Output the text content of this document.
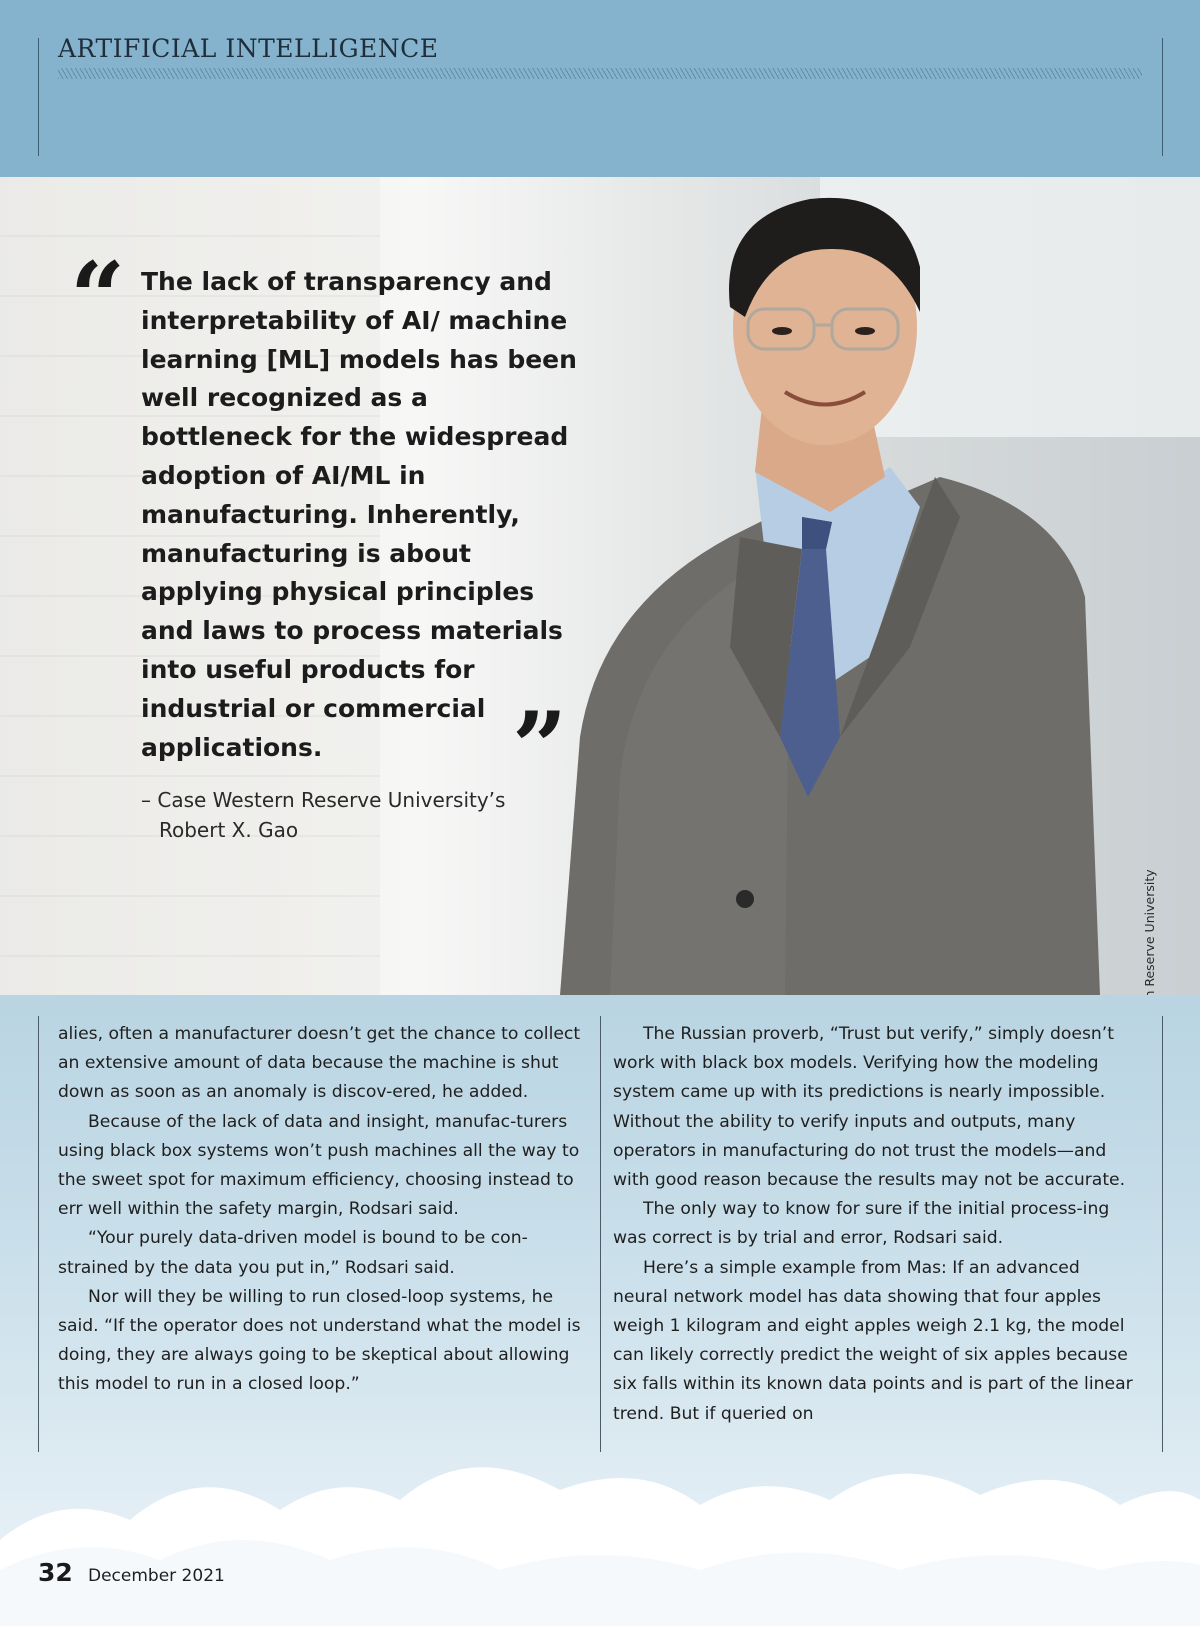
ARTIFICIAL INTELLIGENCE
“ The lack of transparency and interpretability of AI/ machine learning [ML] models has been well recognized as a bottleneck for the widespread adoption of AI/ML in manufacturing. Inherently, manufacturing is about applying physical principles and laws to process materials into useful products for industrial or commercial applications.	”
– Case Western Reserve University’s
Robert X. Gao

alies, often a manufacturer doesn’t get the chance to collect an extensive amount of data because the machine is shut down as soon as an anomaly is discov-ered, he added.

Because of the lack of data and insight, manufac-turers using black box systems won’t push machines all the way to the sweet spot for maximum efficiency, choosing instead to err well within the safety margin, Rodsari said.

“Your purely data-driven model is bound to be con-strained by the data you put in,” Rodsari said.

Nor will they be willing to run closed-loop systems, he said. “If the operator does not understand what the model is doing, they are always going to be skeptical about allowing this model to run in a closed loop.”

The Russian proverb, “Trust but verify,” simply doesn’t work with black box models. Verifying how the modeling system came up with its predictions is nearly impossible. Without the ability to verify inputs and outputs, many operators in manufacturing do not trust the models—and with good reason because the results may not be accurate.

The only way to know for sure if the initial process-ing was correct is by trial and error, Rodsari said.

Here’s a simple example from Mas: If an advanced neural network model has data showing that four apples weigh 1 kilogram and eight apples weigh 2.1 kg, the model can likely correctly predict the weight of six apples because six falls within its known data points and is part of the linear trend. But if queried on

32 December 2021
